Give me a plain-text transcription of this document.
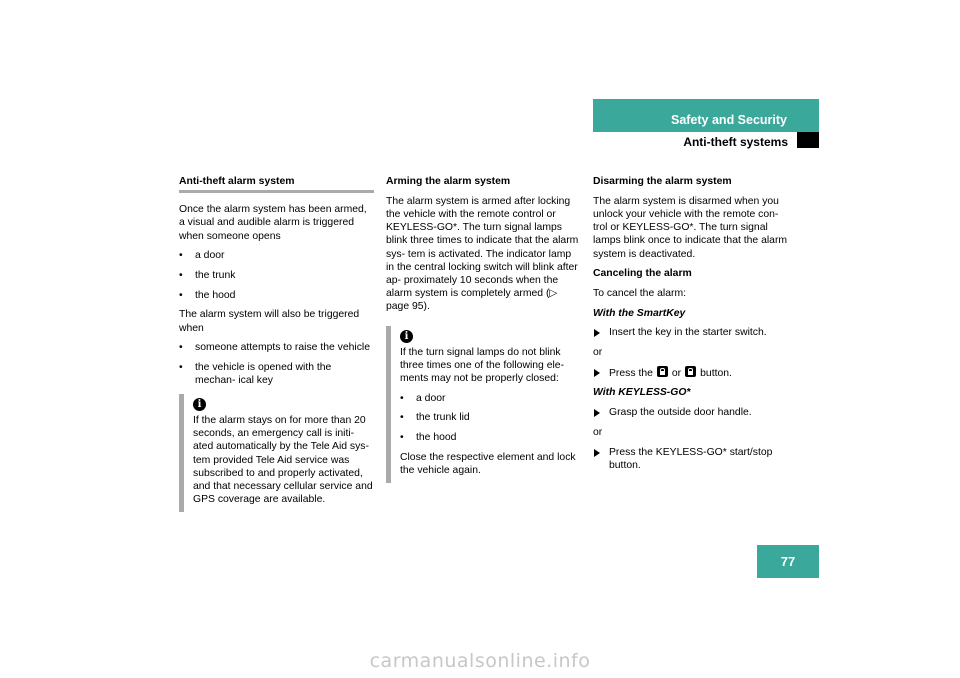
Safety and Security
Anti-theft systems
Anti-theft alarm system

Once the alarm system has been armed, a visual and audible alarm is triggered when someone opens

• a door
• the trunk
• the hood

The alarm system will also be triggered when

• someone attempts to raise the vehicle
• the vehicle is opened with the mechan- ical key
i
If the alarm stays on for more than 20 seconds, an emergency call is initi- ated automatically by the Tele Aid sys- tem provided Tele Aid service was subscribed to and properly activated, and that necessary cellular service and GPS coverage are available.
Arming the alarm system

The alarm system is armed after locking the vehicle with the remote control or KEYLESS-GO*. The turn signal lamps blink three times to indicate that the alarm sys- tem is activated. The indicator lamp in the central locking switch will blink after ap- proximately 10 seconds when the alarm system is completely armed (▷ page 95).

i

If the turn signal lamps do not blink three times one of the following ele- ments may not be properly closed:

• a door
• the trunk lid
• the hood
Close the respective element and lock the vehicle again.
Disarming the alarm system

The alarm system is disarmed when you unlock your vehicle with the remote con- trol or KEYLESS-GO*. The turn signal lamps blink once to indicate that the alarm system is deactivated.

Canceling the alarm

To cancel the alarm:

With the SmartKey
Insert the key in the starter switch.

or

Press the or button.
With KEYLESS-GO*
Grasp the outside door handle.

or

Press the KEYLESS-GO* start/stop button.
77
carmanualsonline.info
